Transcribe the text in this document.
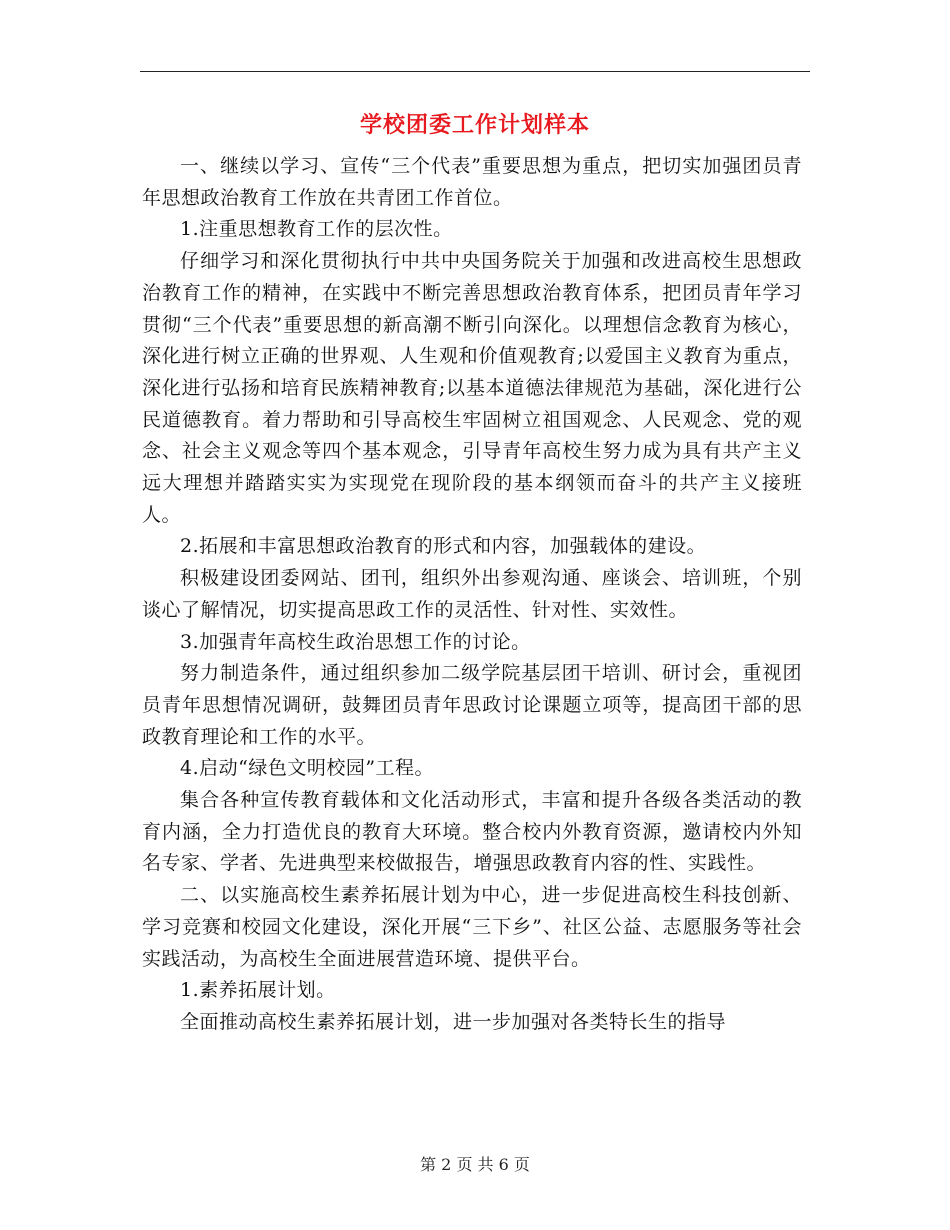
学校团委工作计划样本

一、继续以学习、宣传“三个代表”重要思想为重点，把切实加强团员青年思想政治教育工作放在共青团工作首位。

1.注重思想教育工作的层次性。

仔细学习和深化贯彻执行中共中央国务院关于加强和改进高校生思想政治教育工作的精神，在实践中不断完善思想政治教育体系，把团员青年学习贯彻“三个代表”重要思想的新高潮不断引向深化。以理想信念教育为核心，深化进行树立正确的世界观、人生观和价值观教育;以爱国主义教育为重点，深化进行弘扬和培育民族精神教育;以基本道德法律规范为基础，深化进行公民道德教育。着力帮助和引导高校生牢固树立祖国观念、人民观念、党的观念、社会主义观念等四个基本观念，引导青年高校生努力成为具有共产主义远大理想并踏踏实实为实现党在现阶段的基本纲领而奋斗的共产主义接班人。

2.拓展和丰富思想政治教育的形式和内容，加强载体的建设。

积极建设团委网站、团刊，组织外出参观沟通、座谈会、培训班，个别谈心了解情况，切实提高思政工作的灵活性、针对性、实效性。

3.加强青年高校生政治思想工作的讨论。

努力制造条件，通过组织参加二级学院基层团干培训、研讨会，重视团员青年思想情况调研，鼓舞团员青年思政讨论课题立项等，提高团干部的思政教育理论和工作的水平。

4.启动“绿色文明校园”工程。

集合各种宣传教育载体和文化活动形式，丰富和提升各级各类活动的教育内涵，全力打造优良的教育大环境。整合校内外教育资源，邀请校内外知名专家、学者、先进典型来校做报告，增强思政教育内容的性、实践性。

二、以实施高校生素养拓展计划为中心，进一步促进高校生科技创新、学习竞赛和校园文化建设，深化开展“三下乡”、社区公益、志愿服务等社会实践活动，为高校生全面进展营造环境、提供平台。

1.素养拓展计划。

全面推动高校生素养拓展计划，进一步加强对各类特长生的指导

第 2 页 共 6 页
